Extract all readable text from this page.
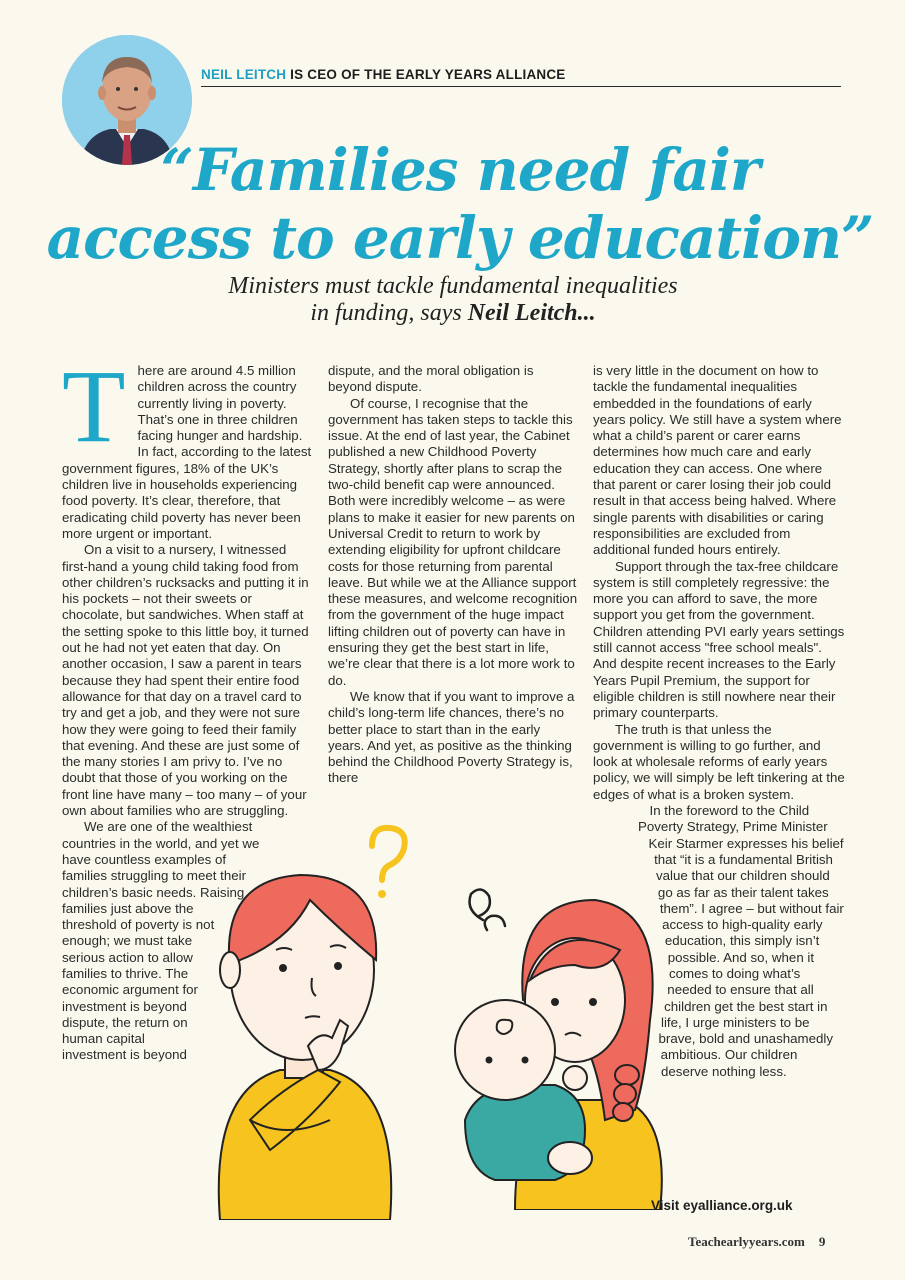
NEIL LEITCH IS CEO OF THE EARLY YEARS ALLIANCE
“Families need fair
access to early education”
Ministers must tackle fundamental inequalities
in funding, says Neil Leitch...
T here are around 4.5 million children across the country currently living in poverty. That’s one in three children facing hunger and hardship. In fact, according to the latest government figures, 18% of the UK’s children live in households experiencing food poverty. It’s clear, therefore, that eradicating child poverty has never been more urgent or important.

On a visit to a nursery, I witnessed first-hand a young child taking food from other children’s rucksacks and putting it in his pockets – not their sweets or chocolate, but sandwiches. When staff at the setting spoke to this little boy, it turned out he had not yet eaten that day. On another occasion, I saw a parent in tears because they had spent their entire food allowance for that day on a travel card to try and get a job, and they were not sure how they were going to feed their family that evening. And these are just some of the many stories I am privy to. I’ve no doubt that those of you working on the front line have many – too many – of your own about families who are struggling.

We are one of the wealthiest countries in the world, and yet we have countless examples of families struggling to meet their children’s basic needs. Raising families just above the threshold of poverty is not enough; we must take serious action to allow families to thrive. The economic argument for investment is beyond dispute, the return on human capital investment is beyond

dispute, and the moral obligation is beyond dispute.

Of course, I recognise that the government has taken steps to tackle this issue. At the end of last year, the Cabinet published a new Childhood Poverty Strategy, shortly after plans to scrap the two-child benefit cap were announced. Both were incredibly welcome – as were plans to make it easier for new parents on Universal Credit to return to work by extending eligibility for upfront childcare costs for those returning from parental leave. But while we at the Alliance support these measures, and welcome recognition from the government of the huge impact lifting children out of poverty can have in ensuring they get the best start in life, we’re clear that there is a lot more work to do.

We know that if you want to improve a child’s long-term life chances, there’s no better place to start than in the early years. And yet, as positive as the thinking behind the Childhood Poverty Strategy is, there

is very little in the document on how to tackle the fundamental inequalities embedded in the foundations of early years policy. We still have a system where what a child’s parent or carer earns determines how much care and early education they can access. One where that parent or carer losing their job could result in that access being halved. Where single parents with disabilities or caring responsibilities are excluded from additional funded hours entirely.

Support through the tax-free childcare system is still completely regressive: the more you can afford to save, the more support you get from the government. Children attending PVI early years settings still cannot access "free school meals". And despite recent increases to the Early Years Pupil Premium, the support for eligible children is still nowhere near their primary counterparts.

The truth is that unless the government is willing to go further, and look at wholesale reforms of early years policy, we will simply be left tinkering at the edges of what is a broken system.

In the foreword to the Child Poverty Strategy, Prime Minister Keir Starmer expresses his belief that “it is a fundamental British value that our children should go as far as their talent takes them”. I agree – but without fair access to high-quality early education, this simply isn’t possible. And so, when it comes to doing what’s needed to ensure that all children get the best start in life, I urge ministers to be brave, bold and unashamedly ambitious. Our children deserve nothing less.

Visit eyalliance.org.uk
Teachearlyyears.com 9
